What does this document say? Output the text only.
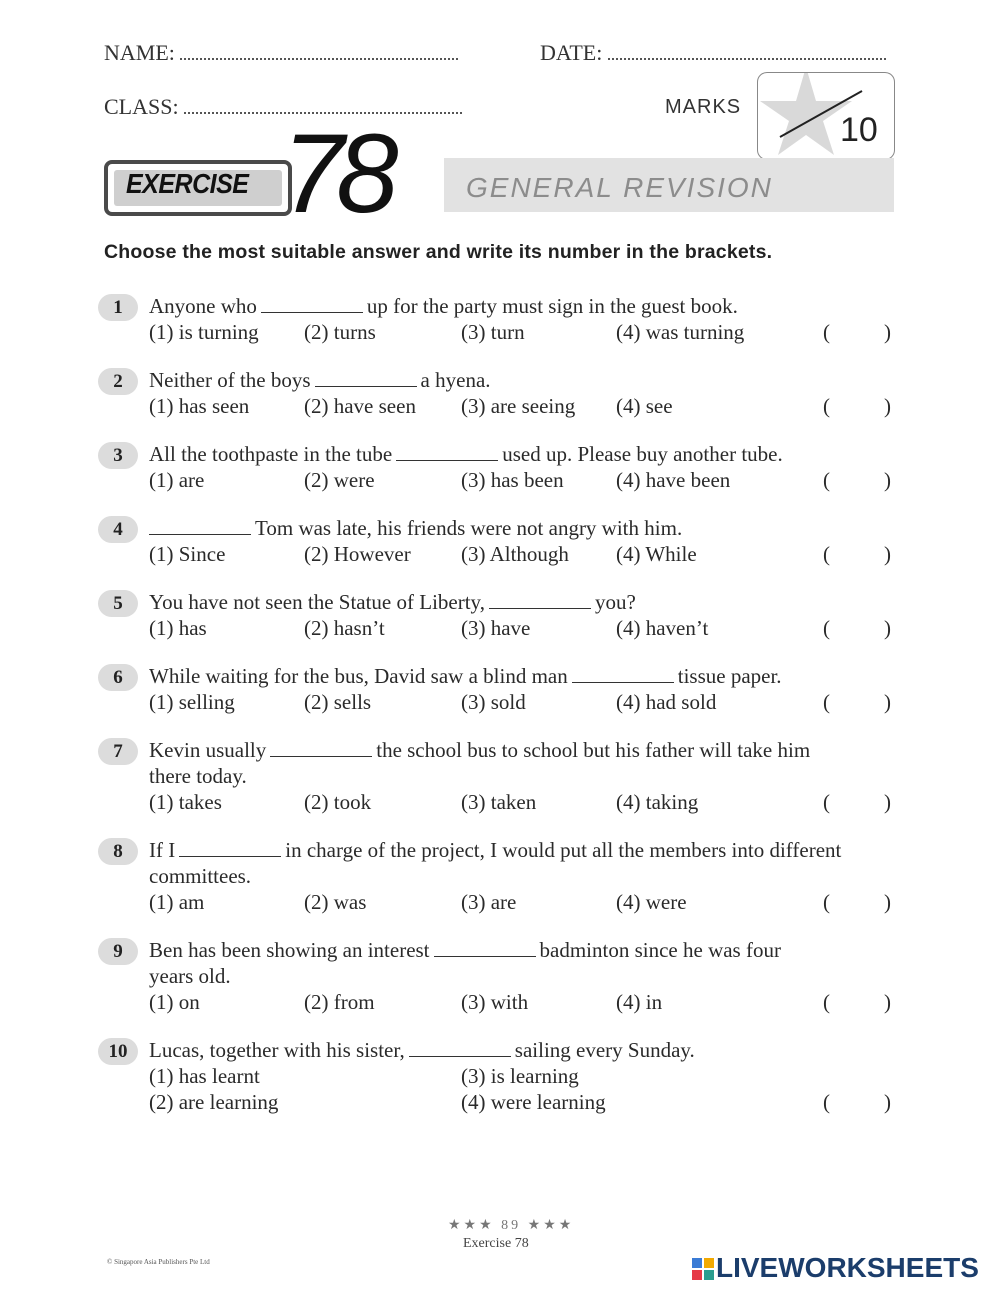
NAME:	DATE:
CLASS:	MARKS
10
EXERCISE 78	GENERAL REVISION
Choose the most suitable answer and write its number in the brackets.
1	Anyone who	up for the party must sign in the guest book.
(1) is turning (2) turns	(3) turn	(4) was turning	(	)
2	Neither of the boys	a hyena.
(1) has seen	(2) have seen (3) are seeing (4) see	(	)
3	All the toothpaste in the tube	used up. Please buy another tube.
(1) are	(2) were	(3) has been (4) have been	(	)
4	Tom was late, his friends were not angry with him.
(1) Since	(2) However (3) Although (4) While	(	)
5	You have not seen the Statue of Liberty,	you?
(1) has	(2) hasn’t	(3) have	(4) haven’t	(	)
6	While waiting for the bus, David saw a blind man	tissue paper.
(1) selling	(2) sells	(3) sold	(4) had sold	(	)
7	Kevin usually	the school bus to school but his father will take him
there today.
(1) takes	(2) took	(3) taken	(4) taking	(	)
8	If I	in charge of the project, I would put all the members into different
committees.
(1) am	(2) was	(3) are	(4) were	(	)
9	Ben has been showing an interest	badminton since he was four
years old.
(1) on	(2) from	(3) with	(4) in	(	)
10	Lucas, together with his sister,	sailing every Sunday.
(1) has learnt	(3) is learning
(2) are learning	(4) were learning	(	)
★★★ 89 ★★★
Exercise 78
© Singapore Asia Publishers Pte Ltd	LIVEWORKSHEETS
